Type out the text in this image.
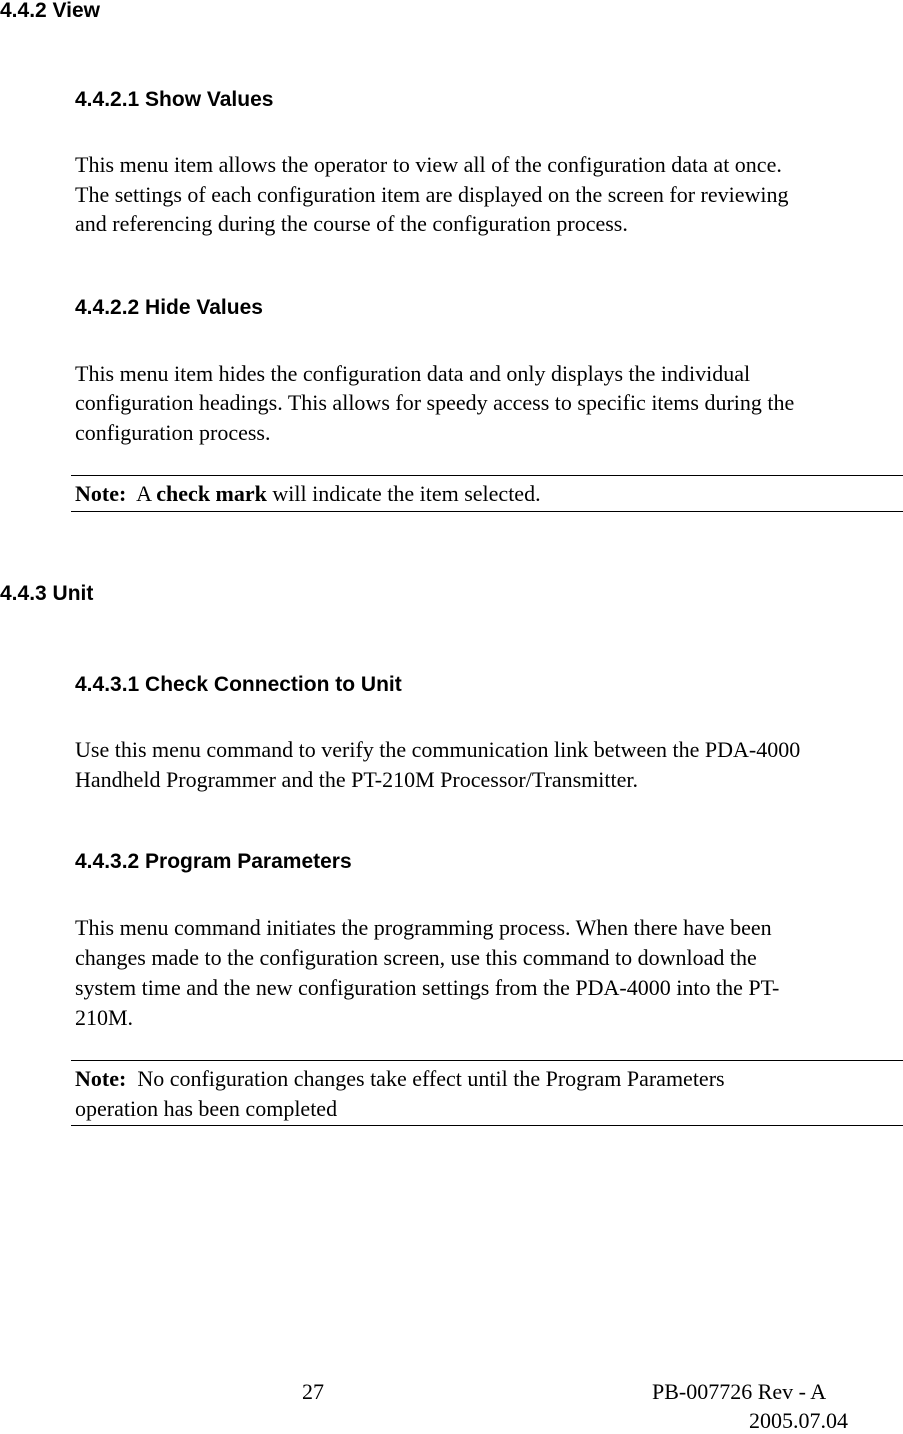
4.4.2 View
4.4.2.1 Show Values
This menu item allows the operator to view all of the configuration data at once.
The settings of each configuration item are displayed on the screen for reviewing
and referencing during the course of the configuration process.
4.4.2.2 Hide Values
This menu item hides the configuration data and only displays the individual
configuration headings. This allows for speedy access to specific items during the
configuration process.
Note: A check mark will indicate the item selected.
4.4.3 Unit
4.4.3.1 Check Connection to Unit
Use this menu command to verify the communication link between the PDA-4000
Handheld Programmer and the PT-210M Processor/Transmitter.
4.4.3.2 Program Parameters
This menu command initiates the programming process. When there have been
changes made to the configuration screen, use this command to download the
system time and the new configuration settings from the PDA-4000 into the PT-
210M.
Note: No configuration changes take effect until the Program Parameters
operation has been completed
27	PB-007726 Rev - A
2005.07.04
